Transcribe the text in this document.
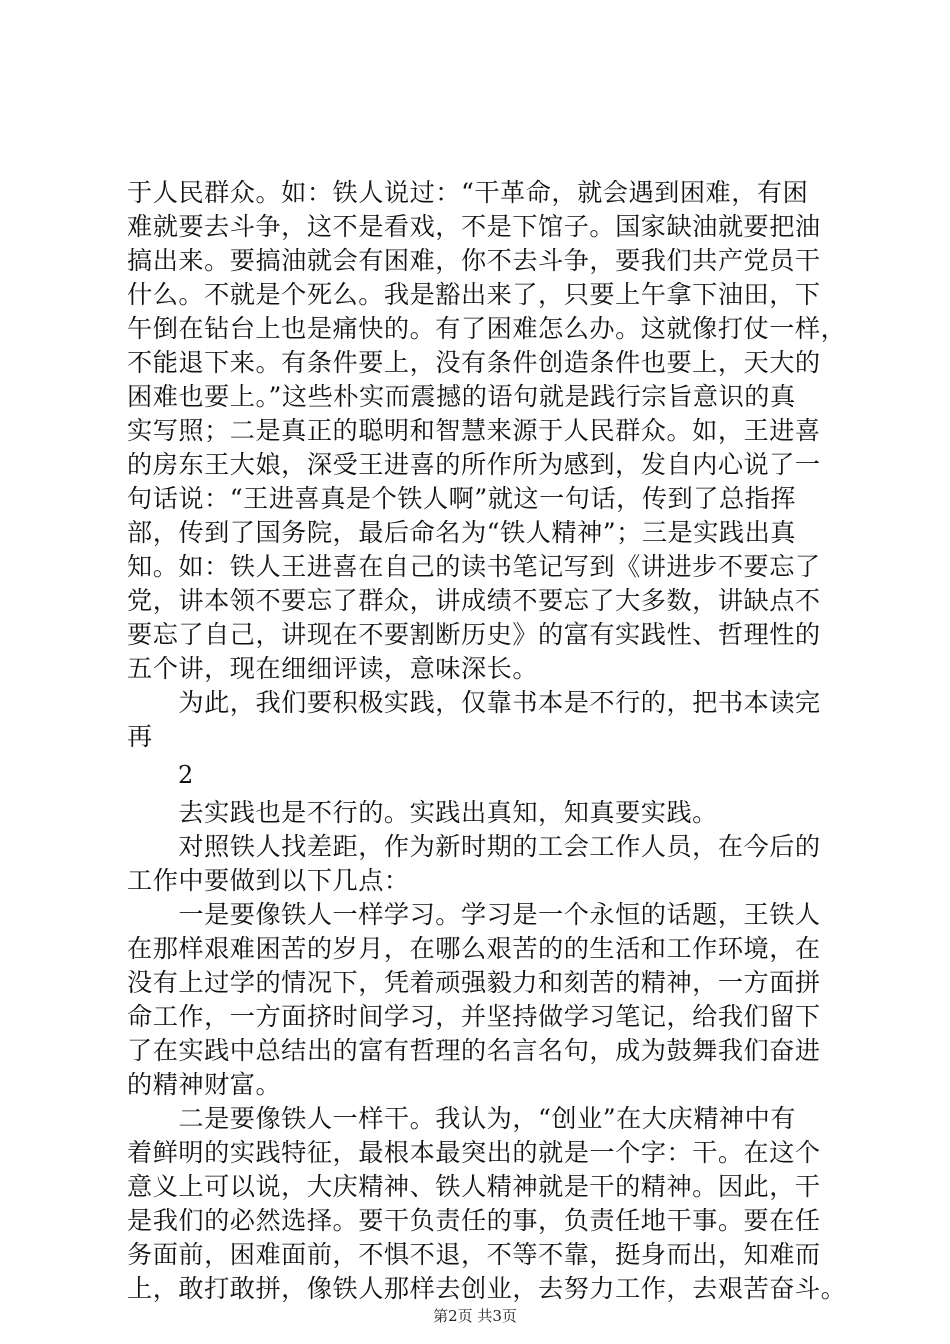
于人民群众。如：铁人说过：“干革命，就会遇到困难，有困
难就要去斗争，这不是看戏，不是下馆子。国家缺油就要把油
搞出来。要搞油就会有困难，你不去斗争，要我们共产党员干
什么。不就是个死么。我是豁出来了，只要上午拿下油田，下
午倒在钻台上也是痛快的。有了困难怎么办。这就像打仗一样，
不能退下来。有条件要上，没有条件创造条件也要上，天大的
困难也要上。”这些朴实而震撼的语句就是践行宗旨意识的真
实写照；二是真正的聪明和智慧来源于人民群众。如，王进喜
的房东王大娘，深受王进喜的所作所为感到，发自内心说了一
句话说：“王进喜真是个铁人啊”就这一句话，传到了总指挥
部，传到了国务院，最后命名为“铁人精神”；三是实践出真
知。如：铁人王进喜在自己的读书笔记写到《讲进步不要忘了
党，讲本领不要忘了群众，讲成绩不要忘了大多数，讲缺点不
要忘了自己，讲现在不要割断历史》的富有实践性、哲理性的
五个讲，现在细细评读，意味深长。
　　为此，我们要积极实践，仅靠书本是不行的，把书本读完
再
2
　　去实践也是不行的。实践出真知，知真要实践。
　　对照铁人找差距，作为新时期的工会工作人员，在今后的
工作中要做到以下几点：
　　一是要像铁人一样学习。学习是一个永恒的话题，王铁人
在那样艰难困苦的岁月，在哪么艰苦的的生活和工作环境，在
没有上过学的情况下，凭着顽强毅力和刻苦的精神，一方面拼
命工作，一方面挤时间学习，并坚持做学习笔记，给我们留下
了在实践中总结出的富有哲理的名言名句，成为鼓舞我们奋进
的精神财富。
　　二是要像铁人一样干。我认为，“创业”在大庆精神中有
着鲜明的实践特征，最根本最突出的就是一个字：干。在这个
意义上可以说，大庆精神、铁人精神就是干的精神。因此，干
是我们的必然选择。要干负责任的事，负责任地干事。要在任
务面前，困难面前，不惧不退，不等不靠，挺身而出，知难而
上，敢打敢拼，像铁人那样去创业，去努力工作，去艰苦奋斗。
第2页 共3页
